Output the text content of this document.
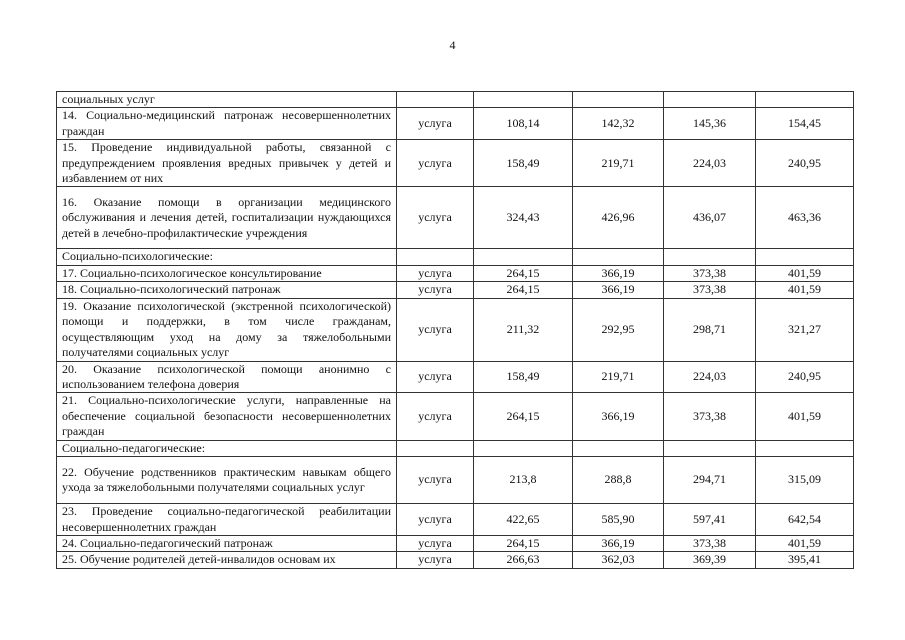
4
социальных услуг					
14. Социально-медицинский патронаж несовершеннолетних граждан	услуга	108,14	142,32	145,36	154,45
15. Проведение индивидуальной работы, связанной с предупреждением проявления вредных привычек у детей и избавлением от них	услуга	158,49	219,71	224,03	240,95
16. Оказание помощи в организации медицинского обслуживания и лечения детей, госпитализации нуждающихся детей в лечебно-профилактические учреждения	услуга	324,43	426,96	436,07	463,36
Социально-психологические:					
17. Социально-психологическое консультирование	услуга	264,15	366,19	373,38	401,59
18. Социально-психологический патронаж	услуга	264,15	366,19	373,38	401,59
19. Оказание психологической (экстренной психологической) помощи и поддержки, в том числе гражданам, осуществляющим уход на дому за тяжелобольными получателями социальных услуг	услуга	211,32	292,95	298,71	321,27
20. Оказание психологической помощи анонимно с использованием телефона доверия	услуга	158,49	219,71	224,03	240,95
21. Социально-психологические услуги, направленные на обеспечение социальной безопасности несовершеннолетних граждан	услуга	264,15	366,19	373,38	401,59
Социально-педагогические:					
22. Обучение родственников практическим навыкам общего ухода за тяжелобольными получателями социальных услуг	услуга	213,8	288,8	294,71	315,09
23. Проведение социально-педагогической реабилитации несовершеннолетних граждан	услуга	422,65	585,90	597,41	642,54
24. Социально-педагогический патронаж	услуга	264,15	366,19	373,38	401,59
25. Обучение родителей детей-инвалидов основам их	услуга	266,63	362,03	369,39	395,41
